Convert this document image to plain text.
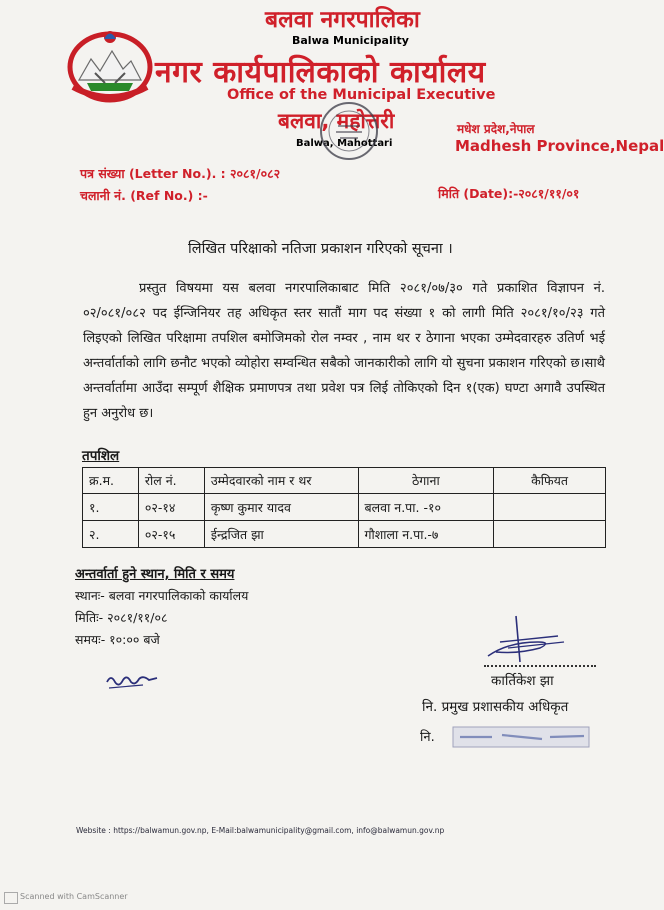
बलवा नगरपालिका
Balwa Municipality
नगर कार्यपालिकाको कार्यालय
Office of the Municipal Executive
बलवा, महोत्तरी
Balwa, Mahottari
मधेश प्रदेश,नेपाल
Madhesh Province,Nepal
पत्र संख्या (Letter No.). : २०८१/०८२
चलानी नं. (Ref No.) :-	मिति (Date):-२०८१/११/०१
लिखित परिक्षाको नतिजा प्रकाशन गरिएको सूचना ।
प्रस्तुत विषयमा यस बलवा नगरपालिकाबाट मिति २०८१/०७/३० गते प्रकाशित विज्ञापन नं. ०२/०८१/०८२ पद ईन्जिनियर तह अधिकृत स्तर सातौं माग पद संख्या १ को लागी मिति २०८१/१०/२३ गते लिइएको लिखित परिक्षामा तपशिल बमोजिमको रोल नम्वर , नाम थर र ठेगाना भएका उम्मेदवारहरु उतिर्ण भई अन्तर्वार्ताको लागि छनौट भएको व्योहोरा सम्वन्धित सबैको जानकारीको लागि यो सुचना प्रकाशन गरिएको छ।साथै अन्तर्वार्तामा आउँदा सम्पूर्ण शैक्षिक प्रमाणपत्र तथा प्रवेश पत्र लिई तोकिएको दिन १(एक) घण्टा अगावै उपस्थित हुन अनुरोध छ।
तपशिल
क्र.म.	रोल नं.	उम्मेदवारको नाम र थर	ठेगाना	कैफियत
१.	०२-१४	कृष्ण कुमार यादव	बलवा न.पा. -१०	
२.	०२-१५	ईन्द्रजित झा	गौशाला न.पा.-७	
अन्तर्वार्ता हुने स्थान, मिति र समय
स्थानः- बलवा नगरपालिकाको कार्यालय
मितिः- २०८१/११/०८
समयः- १०:०० बजे
कार्तिकेश झा
नि. प्रमुख प्रशासकीय अधिकृत
नि.
Website : https://balwamun.gov.np, E-Mail:balwamunicipality@gmail.com, info@balwamun.gov.np
Scanned with CamScanner
